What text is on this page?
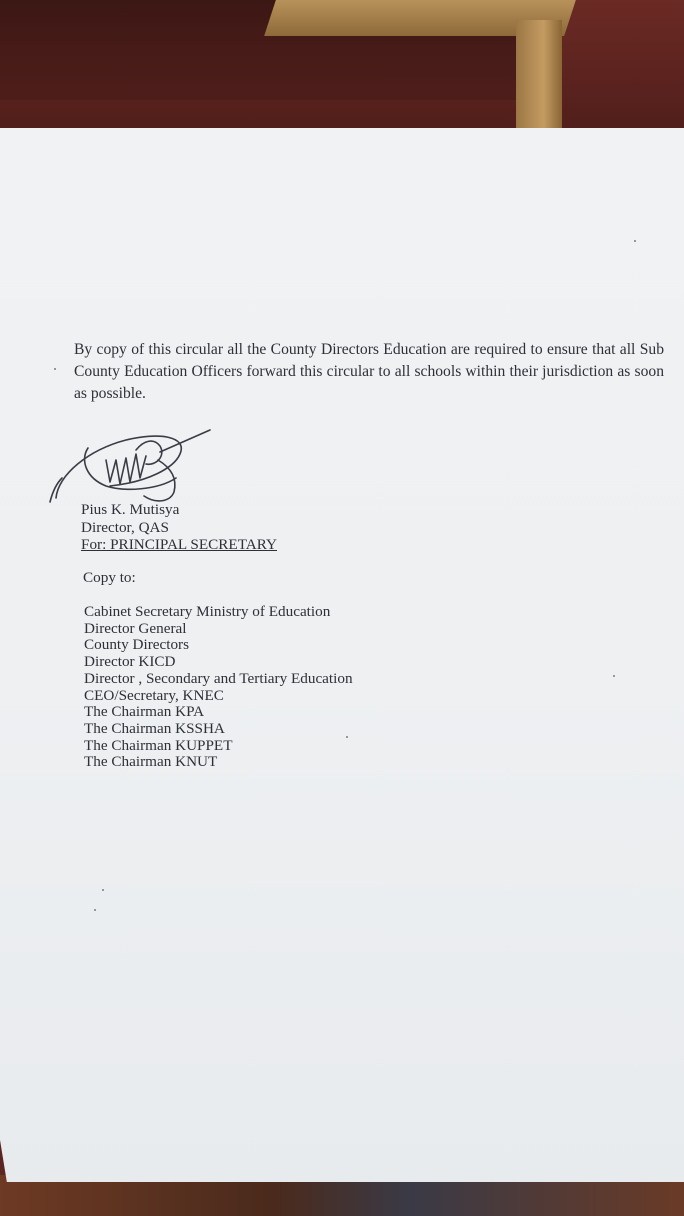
By copy of this circular all the County Directors Education are required to ensure that all Sub County Education Officers forward this circular to all schools within their jurisdiction as soon as possible.

Pius K. Mutisya
Director, QAS
For: PRINCIPAL SECRETARY
Copy to:
Cabinet Secretary Ministry of Education
Director General
County Directors
Director KICD
Director , Secondary and Tertiary Education
CEO/Secretary, KNEC
The Chairman KPA
The Chairman KSSHA
The Chairman KUPPET
The Chairman KNUT
